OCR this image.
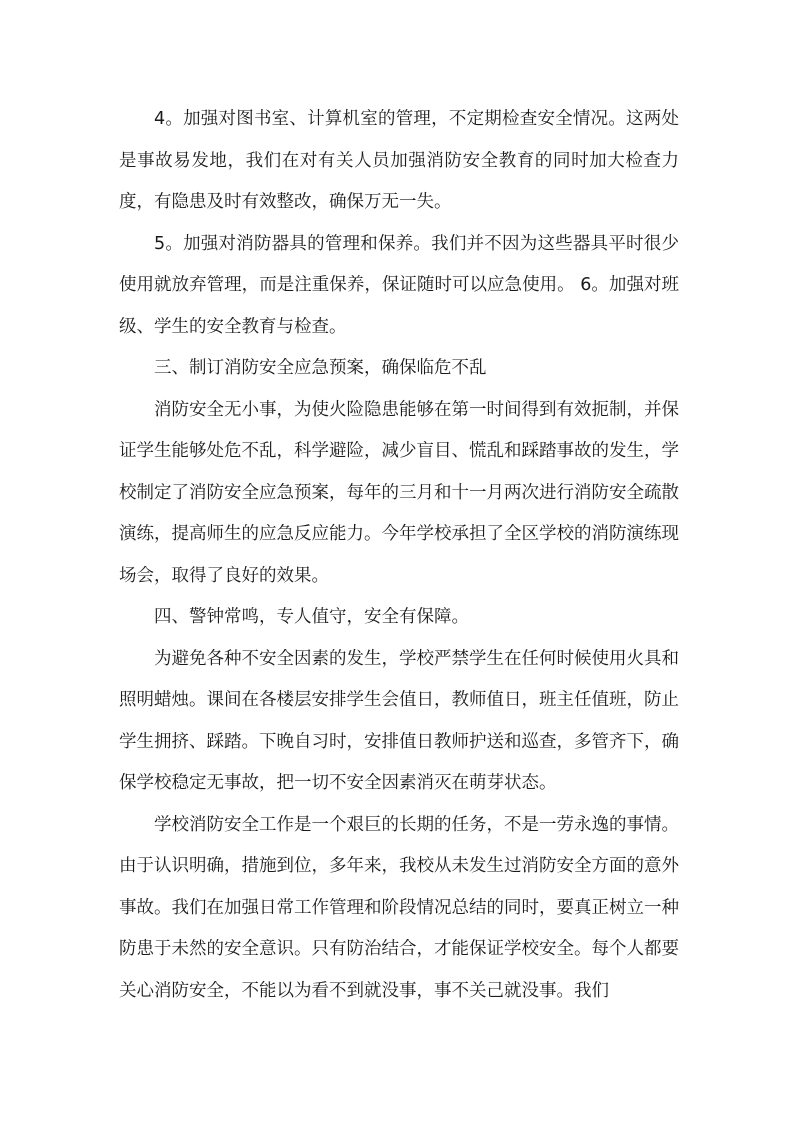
4。加强对图书室、计算机室的管理，不定期检查安全情况。这两处是事故易发地，我们在对有关人员加强消防安全教育的同时加大检查力度，有隐患及时有效整改，确保万无一失。

5。加强对消防器具的管理和保养。我们并不因为这些器具平时很少使用就放弃管理，而是注重保养，保证随时可以应急使用。 6。加强对班级、学生的安全教育与检查。

三、制订消防安全应急预案，确保临危不乱

消防安全无小事，为使火险隐患能够在第一时间得到有效扼制，并保证学生能够处危不乱，科学避险，减少盲目、慌乱和踩踏事故的发生，学校制定了消防安全应急预案，每年的三月和十一月两次进行消防安全疏散演练，提高师生的应急反应能力。今年学校承担了全区学校的消防演练现场会，取得了良好的效果。

四、警钟常鸣，专人值守，安全有保障。

为避免各种不安全因素的发生，学校严禁学生在任何时候使用火具和照明蜡烛。课间在各楼层安排学生会值日，教师值日，班主任值班，防止学生拥挤、踩踏。下晚自习时，安排值日教师护送和巡查，多管齐下，确保学校稳定无事故，把一切不安全因素消灭在萌芽状态。

学校消防安全工作是一个艰巨的长期的任务，不是一劳永逸的事情。由于认识明确，措施到位，多年来，我校从未发生过消防安全方面的意外事故。我们在加强日常工作管理和阶段情况总结的同时，要真正树立一种防患于未然的安全意识。只有防治结合，才能保证学校安全。每个人都要关心消防安全，不能以为看不到就没事，事不关己就没事。我们
